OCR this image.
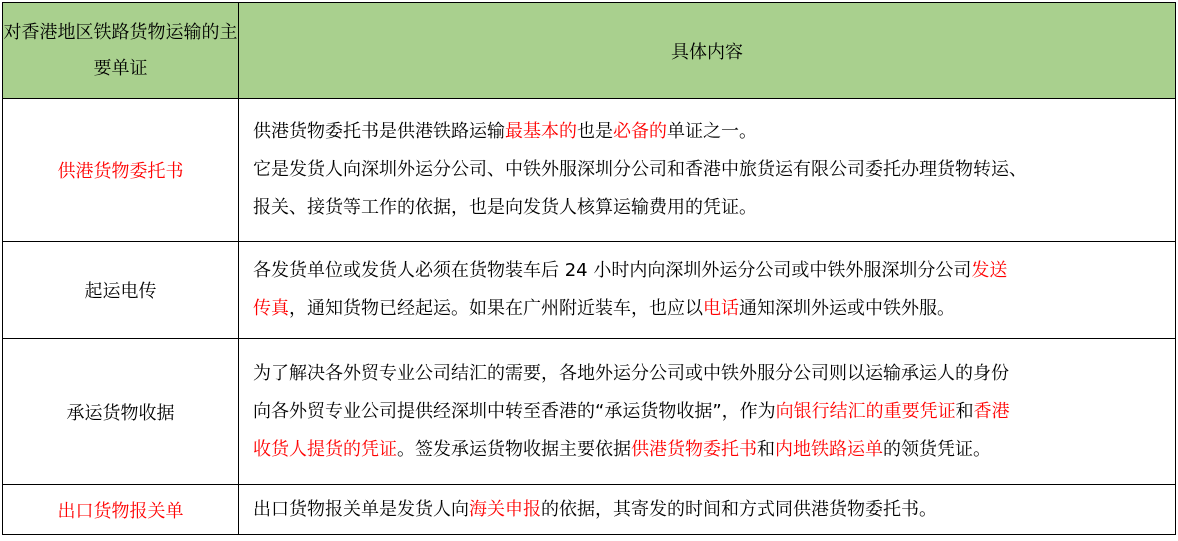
对香港地区铁路货物运输的主要单证	具体内容
供港货物委托书	供港货物委托书是供港铁路运输最基本的也是必备的单证之一。
它是发货人向深圳外运分公司、中铁外服深圳分公司和香港中旅货运有限公司委托办理货物转运、
报关、接货等工作的依据，也是向发货人核算运输费用的凭证。

起运电传	各发货单位或发货人必须在货物装车后 24 小时内向深圳外运分公司或中铁外服深圳分公司发送
传真，通知货物已经起运。如果在广州附近装车，也应以电话通知深圳外运或中铁外服。

承运货物收据	为了解决各外贸专业公司结汇的需要，各地外运分公司或中铁外服分公司则以运输承运人的身份
向各外贸专业公司提供经深圳中转至香港的“承运货物收据”，作为向银行结汇的重要凭证和香港
收货人提货的凭证。签发承运货物收据主要依据供港货物委托书和内地铁路运单的领货凭证。

出口货物报关单	出口货物报关单是发货人向海关申报的依据，其寄发的时间和方式同供港货物委托书。
